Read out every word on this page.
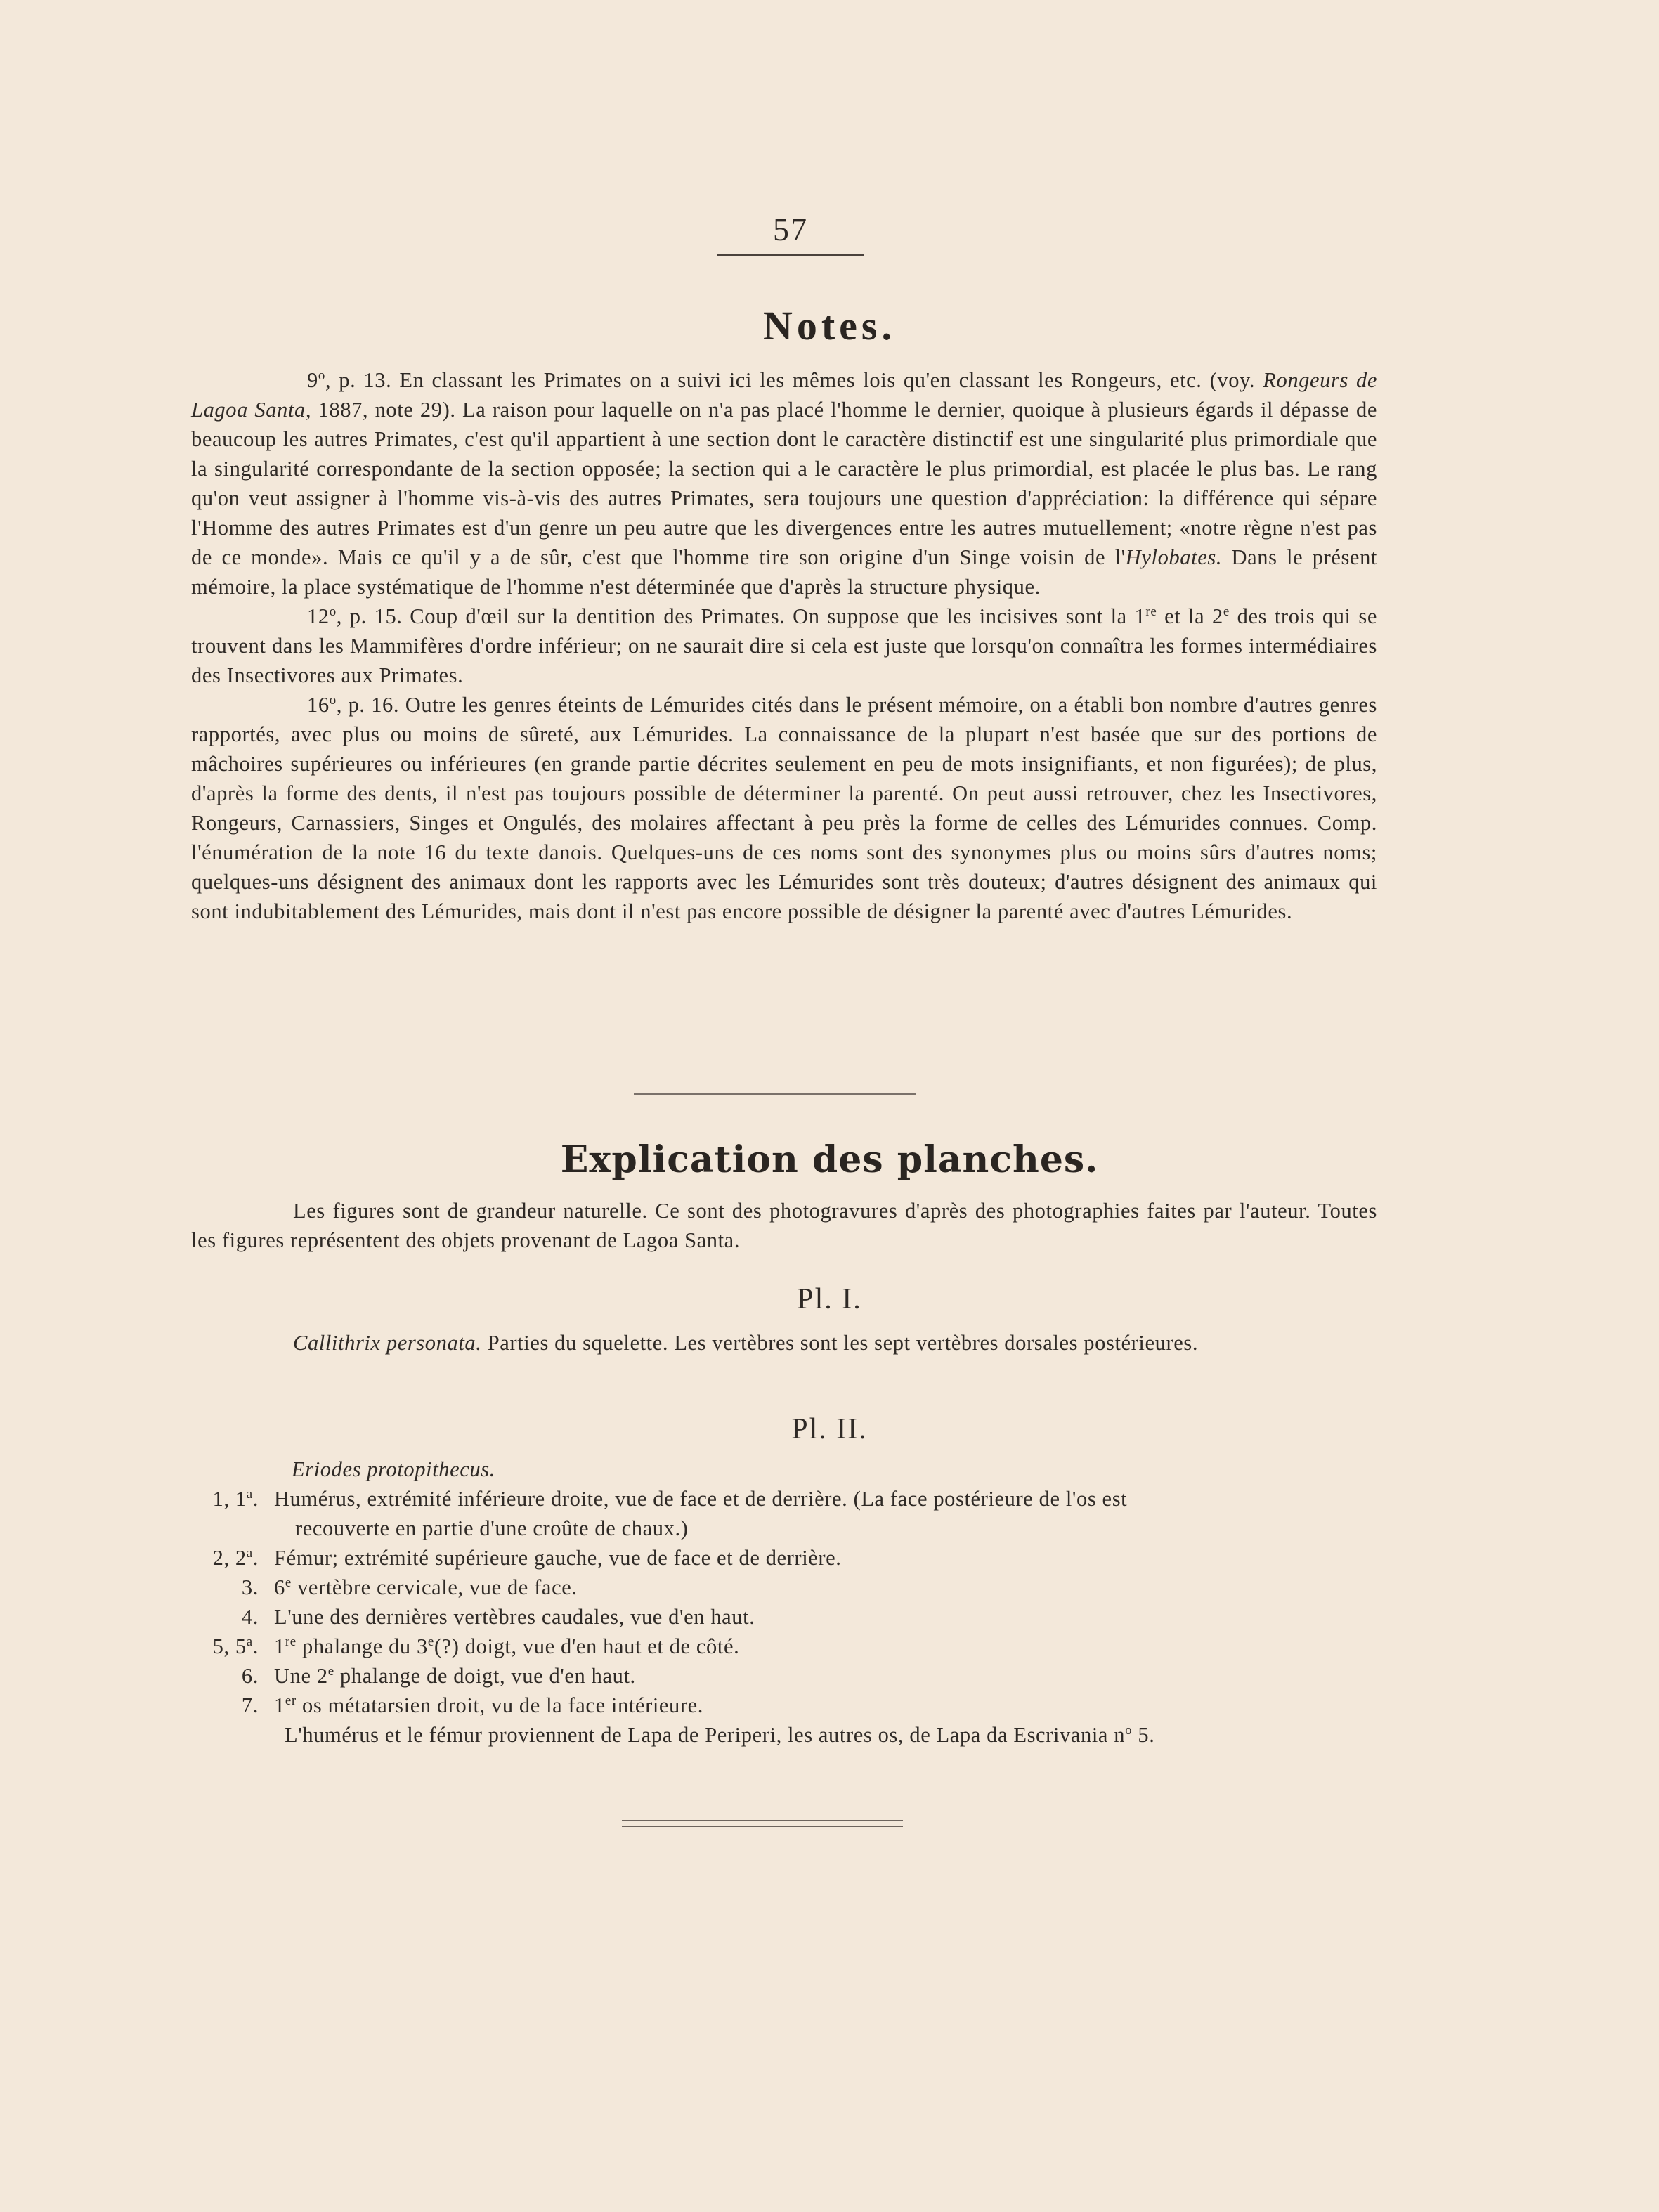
57
Notes.

9$^o$, p. 13. En classant les Primates on a suivi ici les mêmes lois qu'en classant les Rongeurs, etc. (voy. Rongeurs de Lagoa Santa, 1887, note 29). La raison pour laquelle on n'a pas placé l'homme le dernier, quoique à plusieurs égards il dépasse de beaucoup les autres Primates, c'est qu'il appartient à une section dont le caractère distinctif est une singularité plus primordiale que la singularité correspondante de la section opposée; la section qui a le caractère le plus primordial, est placée le plus bas. Le rang qu'on veut assigner à l'homme vis-à-vis des autres Primates, sera toujours une question d'appréciation: la différence qui sépare l'Homme des autres Primates est d'un genre un peu autre que les divergences entre les autres mutuellement; «notre règne n'est pas de ce monde». Mais ce qu'il y a de sûr, c'est que l'homme tire son origine d'un Singe voisin de l'Hylobates. Dans le présent mémoire, la place systématique de l'homme n'est déterminée que d'après la structure physique.

12$^o$, p. 15. Coup d'œil sur la dentition des Primates. On suppose que les incisives sont la 1re et la 2e des trois qui se trouvent dans les Mammifères d'ordre inférieur; on ne saurait dire si cela est juste que lorsqu'on connaîtra les formes intermédiaires des Insectivores aux Primates.

16$^o$, p. 16. Outre les genres éteints de Lémurides cités dans le présent mémoire, on a établi bon nombre d'autres genres rapportés, avec plus ou moins de sûreté, aux Lémurides. La connaissance de la plupart n'est basée que sur des portions de mâchoires supérieures ou inférieures (en grande partie décrites seulement en peu de mots insignifiants, et non figurées); de plus, d'après la forme des dents, il n'est pas toujours possible de déterminer la parenté. On peut aussi retrouver, chez les Insectivores, Rongeurs, Carnassiers, Singes et Ongulés, des molaires affectant à peu près la forme de celles des Lémurides connues. Comp. l'énumération de la note 16 du texte danois. Quelques-uns de ces noms sont des synonymes plus ou moins sûrs d'autres noms; quelques-uns désignent des animaux dont les rapports avec les Lémurides sont très douteux; d'autres désignent des animaux qui sont indubitablement des Lémurides, mais dont il n'est pas encore possible de désigner la parenté avec d'autres Lémurides.

Explication des planches.

Les figures sont de grandeur naturelle. Ce sont des photogravures d'après des photographies faites par l'auteur. Toutes les figures représentent des objets provenant de Lagoa Santa.

Pl. I.

Callithrix personata. Parties du squelette. Les vertèbres sont les sept vertèbres dorsales postérieures.

Pl. II.
Eriodes protopithecus.
1, 1$^a$. Humérus, extrémité inférieure droite, vue de face et de derrière. (La face postérieure de l'os est
recouverte en partie d'une croûte de chaux.)
2, 2$^a$. Fémur; extrémité supérieure gauche, vue de face et de derrière.
3. 6e vertèbre cervicale, vue de face.
4. L'une des dernières vertèbres caudales, vue d'en haut.
5, 5$^a$. 1re phalange du 3e(?) doigt, vue d'en haut et de côté.
6. Une 2e phalange de doigt, vue d'en haut.
7. 1er os métatarsien droit, vu de la face intérieure.
L'humérus et le fémur proviennent de Lapa de Periperi, les autres os, de Lapa da Escrivania $n^o$ 5.
